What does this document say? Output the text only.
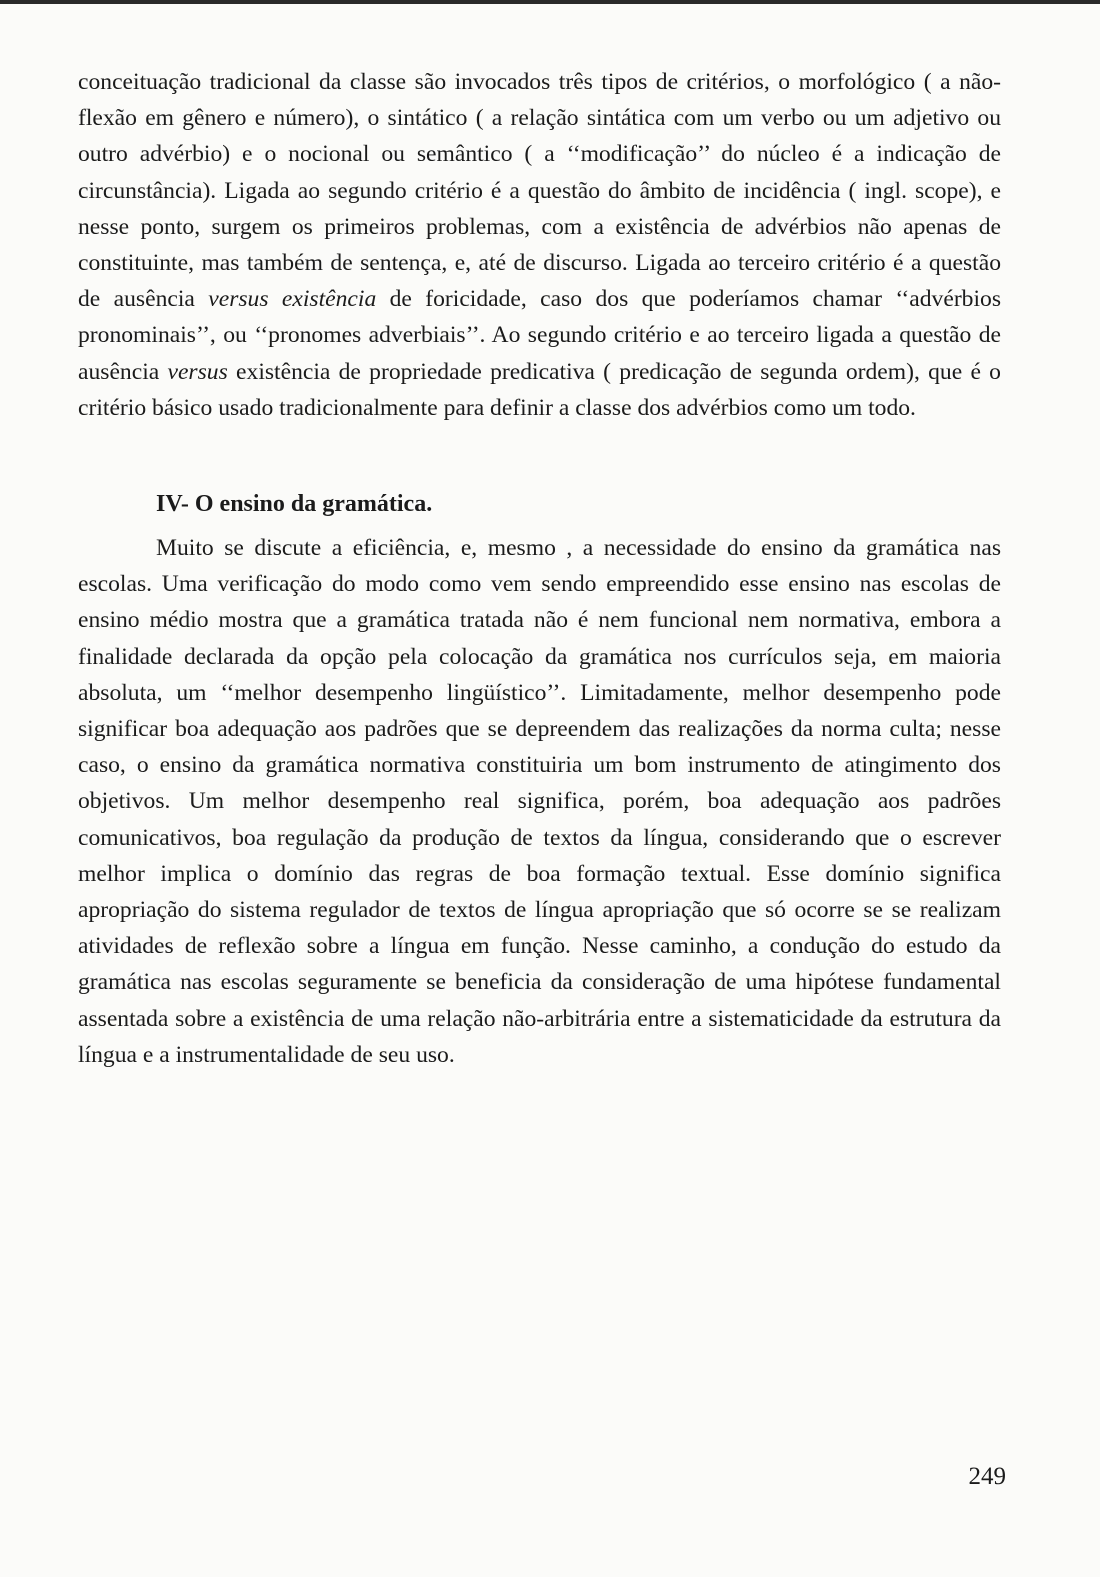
conceituação tradicional da classe são invocados três tipos de critérios, o morfológico ( a não-flexão em gênero e número), o sintático ( a relação sintática com um verbo ou um adjetivo ou outro advérbio) e o nocional ou semântico ( a ‘‘modificação’’ do núcleo é a indicação de circunstância). Ligada ao segundo critério é a questão do âmbito de incidência ( ingl. scope), e nesse ponto, surgem os primeiros problemas, com a existência de advérbios não apenas de constituinte, mas também de sentença, e, até de discurso. Ligada ao terceiro critério é a questão de ausência versus existência de foricidade, caso dos que poderíamos chamar ‘‘advérbios pronominais’’, ou ‘‘pronomes adverbiais’’. Ao segundo critério e ao terceiro ligada a questão de ausência versus existência de propriedade predicativa ( predicação de segunda ordem), que é o critério básico usado tradicionalmente para definir a classe dos advérbios como um todo.

IV- O ensino da gramática.

Muito se discute a eficiência, e, mesmo , a necessidade do ensino da gramática nas escolas. Uma verificação do modo como vem sendo empreendido esse ensino nas escolas de ensino médio mostra que a gramática tratada não é nem funcional nem normativa, embora a finalidade declarada da opção pela colocação da gramática nos currículos seja, em maioria absoluta, um ‘‘melhor desempenho lingüístico’’. Limitadamente, melhor desempenho pode significar boa adequação aos padrões que se depreendem das realizações da norma culta; nesse caso, o ensino da gramática normativa constituiria um bom instrumento de atingimento dos objetivos. Um melhor desempenho real significa, porém, boa adequação aos padrões comunicativos, boa regulação da produção de textos da língua, considerando que o escrever melhor implica o domínio das regras de boa formação textual. Esse domínio significa apropriação do sistema regulador de textos de língua apropriação que só ocorre se se realizam atividades de reflexão sobre a língua em função. Nesse caminho, a condução do estudo da gramática nas escolas seguramente se beneficia da consideração de uma hipótese fundamental assentada sobre a existência de uma relação não-arbitrária entre a sistematicidade da estrutura da língua e a instrumentalidade de seu uso.

249
